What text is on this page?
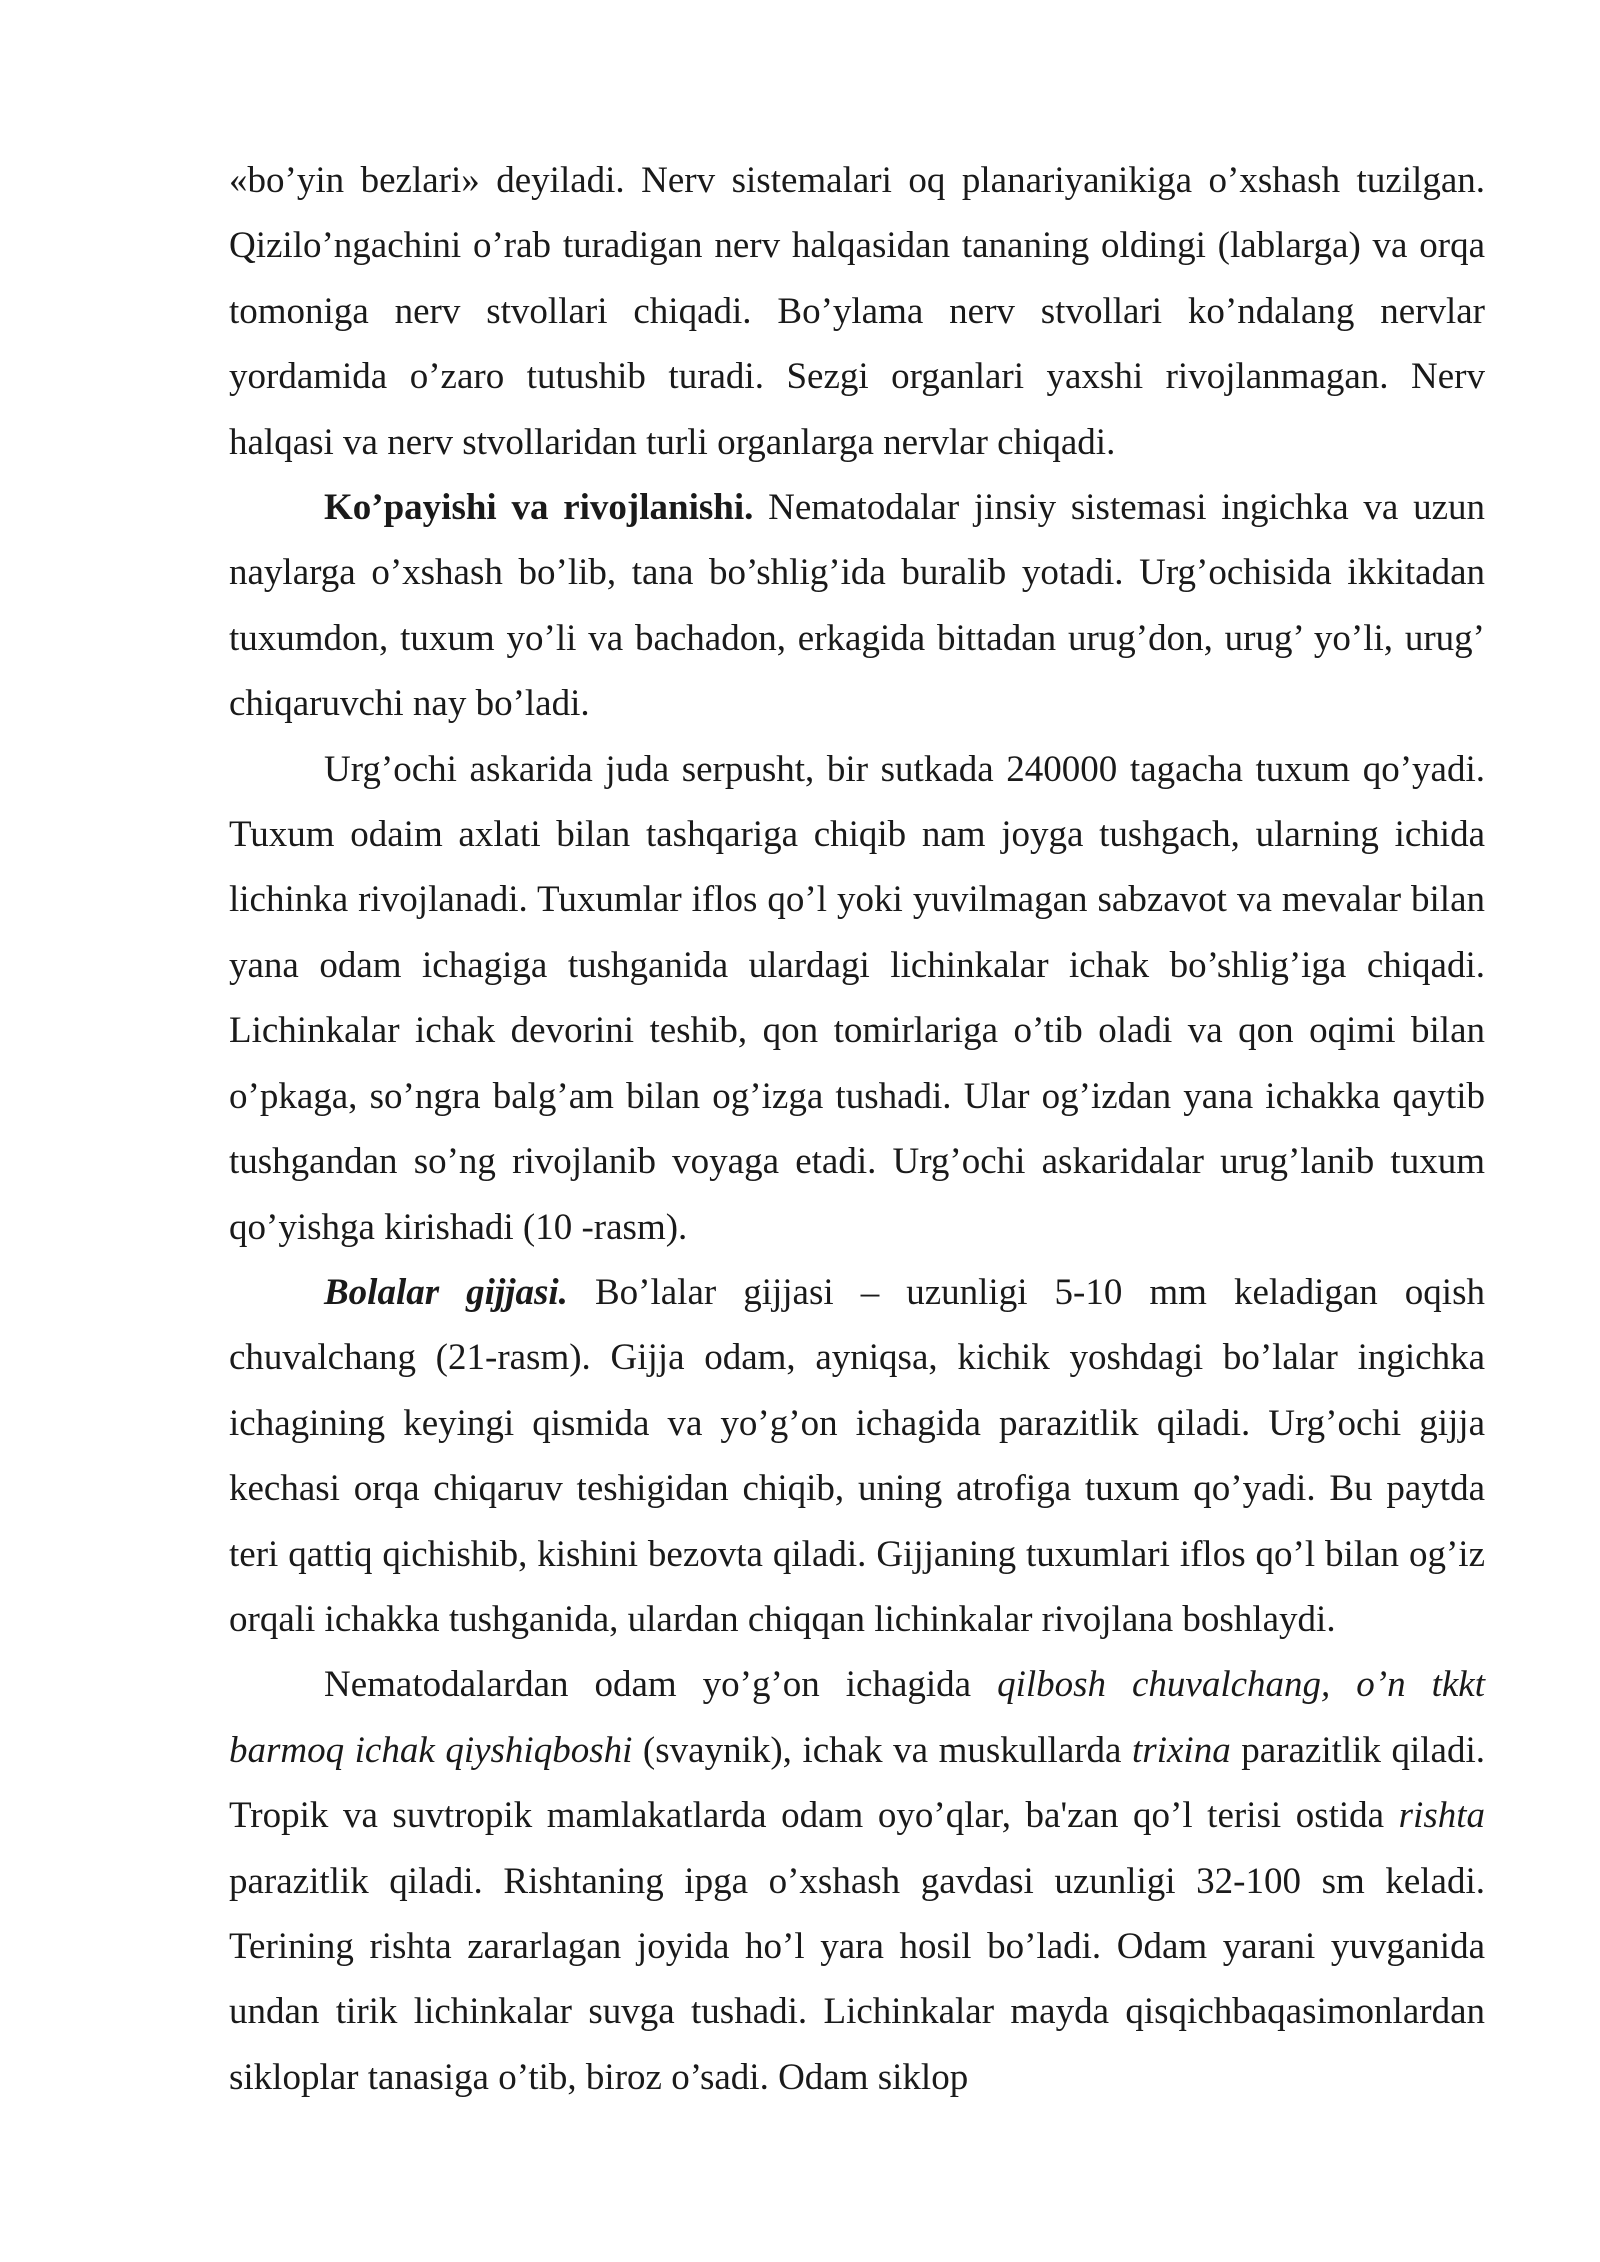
«bo’yin bezlari» deyiladi. Nerv sistemalari oq planariyanikiga o’xshash tuzilgan. Qizilo’ngachini o’rab turadigan nerv halqasidan tananing oldingi (lablarga) va orqa tomoniga nerv stvollari chiqadi. Bo’ylama nerv stvollari ko’ndalang nervlar yordamida o’zaro tutushib turadi. Sezgi organlari yaxshi rivojlanmagan. Nerv halqasi va nerv stvollaridan turli organlarga nervlar chiqadi.

Ko’payishi va rivojlanishi. Nematodalar jinsiy sistemasi ingichka va uzun naylarga o’xshash bo’lib, tana bo’shlig’ida buralib yotadi. Urg’ochisida ikkitadan tuxumdon, tuxum yo’li va bachadon, erkagida bittadan urug’don, urug’ yo’li, urug’ chiqaruvchi nay bo’ladi.

Urg’ochi askarida juda serpusht, bir sutkada 240000 tagacha tuxum qo’yadi. Tuxum odaim axlati bilan tashqariga chiqib nam joyga tushgach, ularning ichida lichinka rivojlanadi. Tuxumlar iflos qo’l yoki yuvilmagan sabzavot va mevalar bilan yana odam ichagiga tushganida ulardagi lichinkalar ichak bo’shlig’iga chiqadi. Lichinkalar ichak devorini teshib, qon tomirlariga o’tib oladi va qon oqimi bilan o’pkaga, so’ngra balg’am bilan og’izga tushadi. Ular og’izdan yana ichakka qaytib tushgandan so’ng rivojlanib voyaga etadi. Urg’ochi askaridalar urug’lanib tuxum qo’yishga kirishadi (10 -rasm).

Bolalar gijjasi. Bo’lalar gijjasi – uzunligi 5-10 mm keladigan oqish chuvalchang (21-rasm). Gijja odam, ayniqsa, kichik yoshdagi bo’lalar ingichka ichagining keyingi qismida va yo’g’on ichagida parazitlik qiladi. Urg’ochi gijja kechasi orqa chiqaruv teshigidan chiqib, uning atrofiga tuxum qo’yadi. Bu paytda teri qattiq qichishib, kishini bezovta qiladi. Gijjaning tuxumlari iflos qo’l bilan og’iz orqali ichakka tushganida, ulardan chiqqan lichinkalar rivojlana boshlaydi.

Nematodalardan odam yo’g’on ichagida qilbosh chuvalchang, o’n tkkt barmoq ichak qiyshiqboshi (svaynik), ichak va muskullarda trixina parazitlik qiladi. Tropik va suvtropik mamlakatlarda odam oyo’qlar, ba'zan qo’l terisi ostida rishta parazitlik qiladi. Rishtaning ipga o’xshash gavdasi uzunligi 32-100 sm keladi. Terining rishta zararlagan joyida ho’l yara hosil bo’ladi. Odam yarani yuvganida undan tirik lichinkalar suvga tushadi. Lichinkalar mayda qisqichbaqasimonlardan sikloplar tanasiga o’tib, biroz o’sadi. Odam siklop
